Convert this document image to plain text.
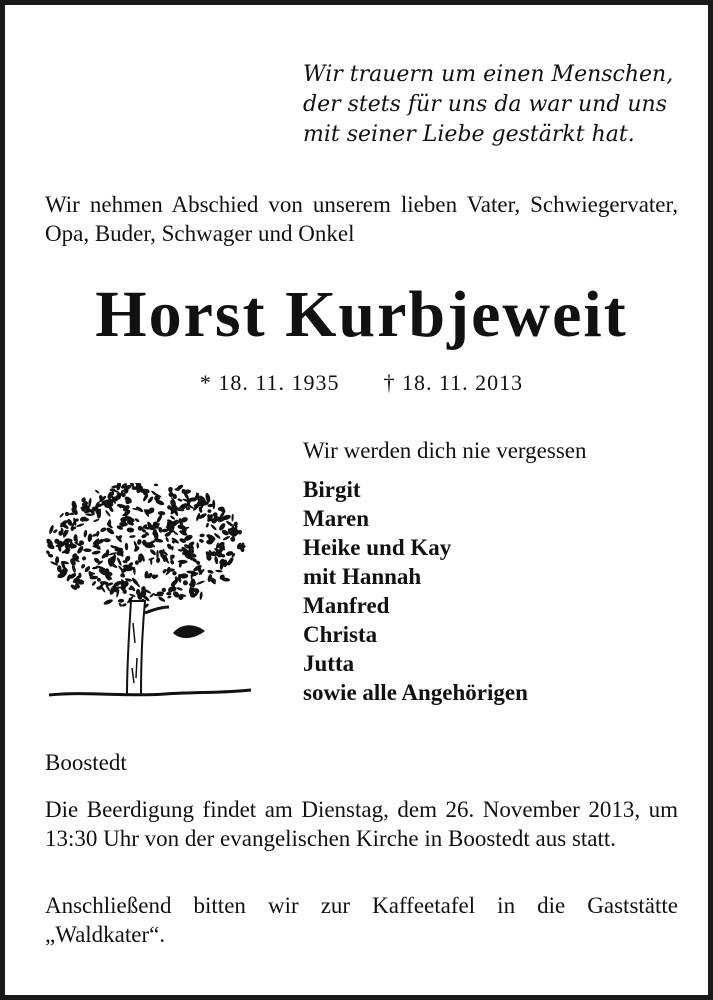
Wir trauern um einen Menschen,
der stets für uns da war und uns
mit seiner Liebe gestärkt hat.
Wir nehmen Abschied von unserem lieben Vater, Schwiegervater, Opa, Buder, Schwager und Onkel
Horst Kurbjeweit
* 18. 11. 1935 † 18. 11. 2013
Wir werden dich nie vergessen
Birgit
Maren
Heike und Kay
mit Hannah
Manfred
Christa
Jutta
sowie alle Angehörigen
Boostedt
Die Beerdigung findet am Dienstag, dem 26. November 2013, um 13:30 Uhr von der evangelischen Kirche in Boostedt aus statt.
Anschließend bitten wir zur Kaffeetafel in die Gaststätte „Waldkater“.
